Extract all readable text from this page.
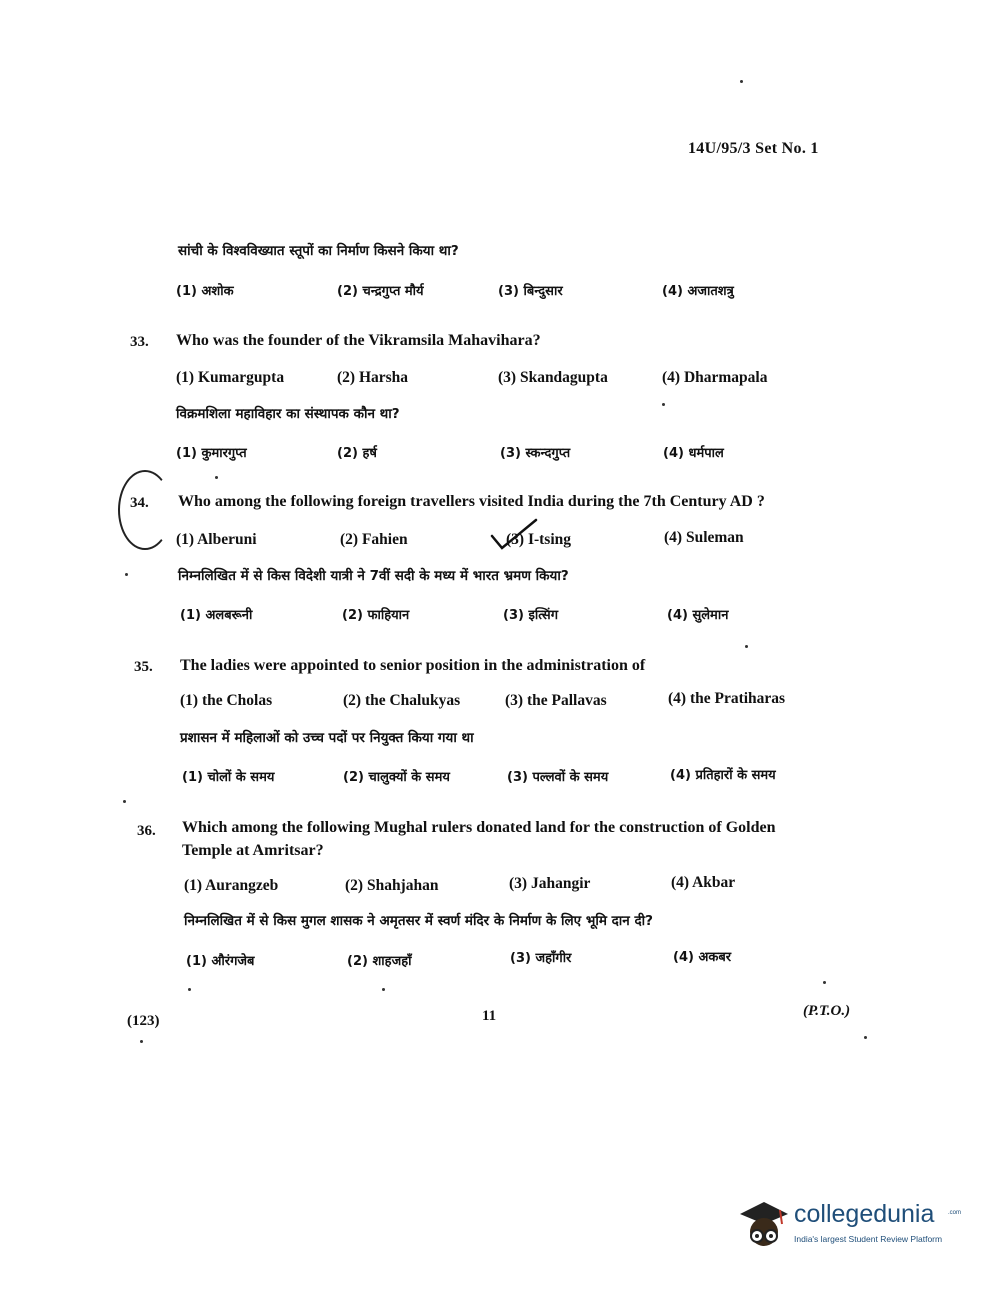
14U/95/3 Set No. 1
सांची के विश्वविख्यात स्तूपों का निर्माण किसने किया था?
(1) अशोक	(2) चन्द्रगुप्त मौर्य	(3) बिन्दुसार	(4) अजातशत्रु
33. Who was the founder of the Vikramsila Mahavihara?
(1) Kumargupta	(2) Harsha	(3) Skandagupta	(4) Dharmapala
विक्रमशिला महाविहार का संस्थापक कौन था?
(1) कुमारगुप्त	(2) हर्ष	(3) स्कन्दगुप्त	(4) धर्मपाल
34. Who among the following foreign travellers visited India during the 7th Century AD ?
(1) Alberuni	(2) Fahien	(3) I-tsing	(4) Suleman
निम्नलिखित में से किस विदेशी यात्री ने 7वीं सदी के मध्य में भारत भ्रमण किया?
(1) अलबरूनी	(2) फाहियान	(3) इत्सिंग	(4) सुलेमान
35. The ladies were appointed to senior position in the administration of
(1) the Cholas	(2) the Chalukyas	(3) the Pallavas	(4) the Pratiharas
प्रशासन में महिलाओं को उच्च पदों पर नियुक्त किया गया था
(1) चोलों के समय	(2) चालुक्यों के समय	(3) पल्लवों के समय	(4) प्रतिहारों के समय
36. Which among the following Mughal rulers donated land for the construction of Golden
Temple at Amritsar?
(1) Aurangzeb	(2) Shahjahan	(3) Jahangir	(4) Akbar
निम्नलिखित में से किस मुगल शासक ने अमृतसर में स्वर्ण मंदिर के निर्माण के लिए भूमि दान दी?
(1) औरंगजेब	(2) शाहजहाँ	(3) जहाँगीर	(4) अकबर
(123)	11	(P.T.O.)
collegedunia .com
India's largest Student Review Platform
